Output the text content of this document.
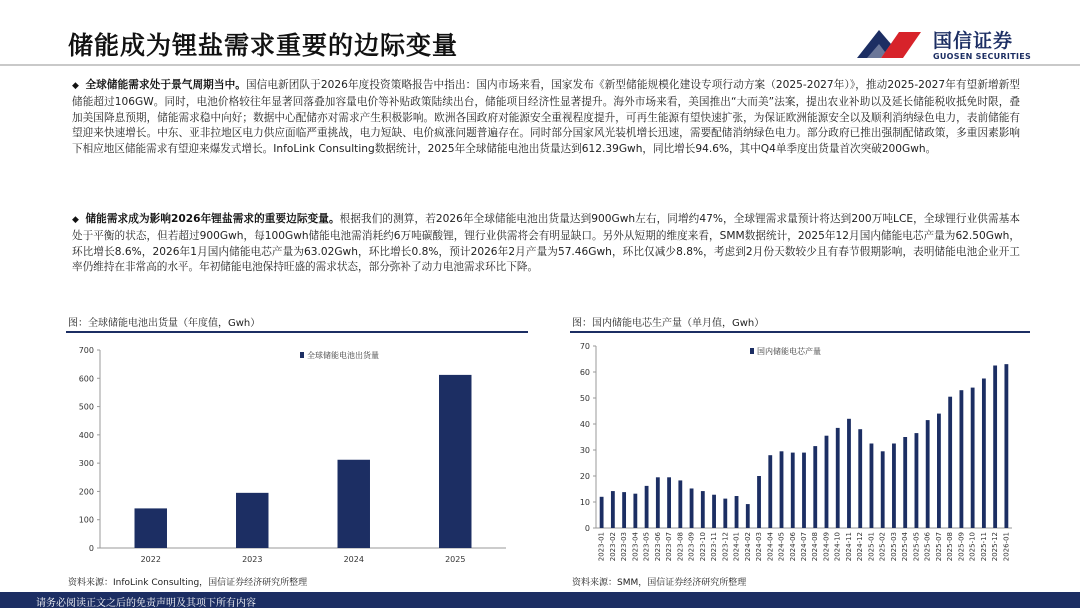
储能成为锂盐需求重要的边际变量	国信证券
GUOSEN SECURITIES
◆ 全球储能需求处于景气周期当中。国信电新团队于2026年度投资策略报告中指出：国内市场来看，国家发布《新型储能规模化建设专项行动方案（2025-2027年）》，推动2025-2027年有望新增新型储能超过106GW。同时，电池价格较往年显著回落叠加容量电价等补贴政策陆续出台，储能项目经济性显著提升。海外市场来看，美国推出“大而美”法案，提出农业补助以及延长储能税收抵免时限，叠加美国降息预期，储能需求稳中向好；数据中心配储亦对需求产生积极影响。欧洲各国政府对能源安全重视程度提升，可再生能源有望快速扩张，为保证欧洲能源安全以及顺利消纳绿色电力，表前储能有望迎来快速增长。中东、亚非拉地区电力供应面临严重挑战，电力短缺、电价疯涨问题普遍存在。同时部分国家风光装机增长迅速，需要配储消纳绿色电力。部分政府已推出强制配储政策，多重因素影响下相应地区储能需求有望迎来爆发式增长。InfoLink Consulting数据统计，2025年全球储能电池出货量达到612.39Gwh，同比增长94.6%，其中Q4单季度出货量首次突破200Gwh。
◆ 储能需求成为影响2026年锂盐需求的重要边际变量。根据我们的测算，若2026年全球储能电池出货量达到900Gwh左右，同增约47%，全球锂需求量预计将达到200万吨LCE，全球锂行业供需基本处于平衡的状态，但若超过900Gwh，每100Gwh储能电池需消耗约6万吨碳酸锂，锂行业供需将会有明显缺口。另外从短期的维度来看，SMM数据统计，2025年12月国内储能电芯产量为62.50Gwh，环比增长8.6%，2026年1月国内储能电芯产量为63.02Gwh，环比增长0.8%，预计2026年2月产量为57.46Gwh，环比仅减少8.8%，考虑到2月份天数较少且有春节假期影响，表明储能电池企业开工率仍维持在非常高的水平。年初储能电池保持旺盛的需求状态，部分弥补了动力电池需求环比下降。
图：全球储能电池出货量（年度值，Gwh）
0
100
200
300
400
500
600
700
2022	2023	2024	2025
全球储能电池出货量
资料来源：InfoLink Consulting，国信证券经济研究所整理
图：国内储能电芯生产量（单月值，Gwh）
0
10
20
30
40
50
60
70
2023-01 2023-02 2023-03 2023-04 2023-05 2023-06 2023-07 2023-08 2023-09 2023-10 2023-11 2023-12 2024-01 2024-02 2024-03 2024-04 2024-05 2024-06 2024-07 2024-08 2024-09 2024-10 2024-11 2024-12 2025-01 2025-02 2025-03 2025-04 2025-05 2025-06 2025-07 2025-08 2025-09 2025-10 2025-11 2025-12 2026-01
国内储能电芯产量
资料来源：SMM，国信证券经济研究所整理
请务必阅读正文之后的免责声明及其项下所有内容
